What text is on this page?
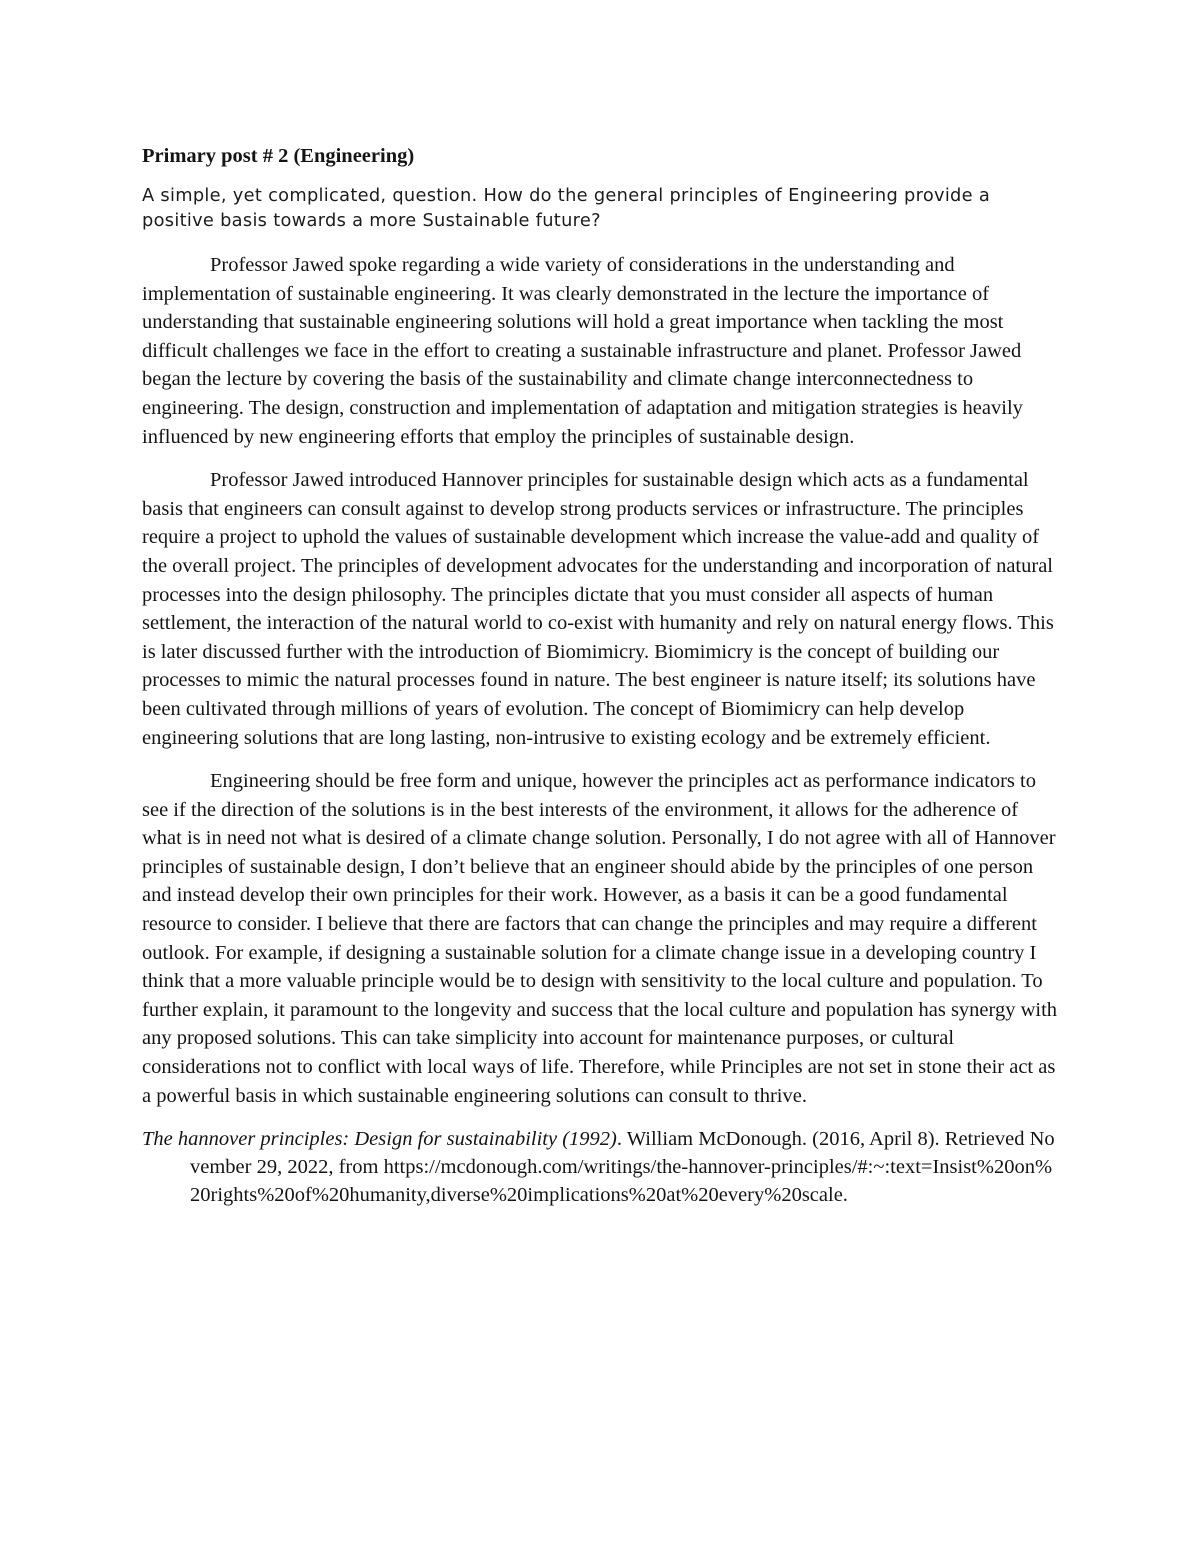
Primary post # 2 (Engineering)

A simple, yet complicated, question. How do the general principles of Engineering provide a positive basis towards a more Sustainable future?

Professor Jawed spoke regarding a wide variety of considerations in the understanding and implementation of sustainable engineering. It was clearly demonstrated in the lecture the importance of understanding that sustainable engineering solutions will hold a great importance when tackling the most difficult challenges we face in the effort to creating a sustainable infrastructure and planet. Professor Jawed began the lecture by covering the basis of the sustainability and climate change interconnectedness to engineering. The design, construction and implementation of adaptation and mitigation strategies is heavily influenced by new engineering efforts that employ the principles of sustainable design.

Professor Jawed introduced Hannover principles for sustainable design which acts as a fundamental basis that engineers can consult against to develop strong products services or infrastructure. The principles require a project to uphold the values of sustainable development which increase the value-add and quality of the overall project. The principles of development advocates for the understanding and incorporation of natural processes into the design philosophy. The principles dictate that you must consider all aspects of human settlement, the interaction of the natural world to co-exist with humanity and rely on natural energy flows. This is later discussed further with the introduction of Biomimicry. Biomimicry is the concept of building our processes to mimic the natural processes found in nature. The best engineer is nature itself; its solutions have been cultivated through millions of years of evolution. The concept of Biomimicry can help develop engineering solutions that are long lasting, non-intrusive to existing ecology and be extremely efficient.

Engineering should be free form and unique, however the principles act as performance indicators to see if the direction of the solutions is in the best interests of the environment, it allows for the adherence of what is in need not what is desired of a climate change solution. Personally, I do not agree with all of Hannover principles of sustainable design, I don’t believe that an engineer should abide by the principles of one person and instead develop their own principles for their work. However, as a basis it can be a good fundamental resource to consider. I believe that there are factors that can change the principles and may require a different outlook. For example, if designing a sustainable solution for a climate change issue in a developing country I think that a more valuable principle would be to design with sensitivity to the local culture and population. To further explain, it paramount to the longevity and success that the local culture and population has synergy with any proposed solutions. This can take simplicity into account for maintenance purposes, or cultural considerations not to conflict with local ways of life. Therefore, while Principles are not set in stone their act as a powerful basis in which sustainable engineering solutions can consult to thrive.

The hannover principles: Design for sustainability (1992). William McDonough. (2016, April 8). Retrieved November 29, 2022, from https://mcdonough.com/writings/the-hannover-principles/#:~:text=Insist%20on%20rights%20of%20humanity,diverse%20implications%20at%20every%20scale.
